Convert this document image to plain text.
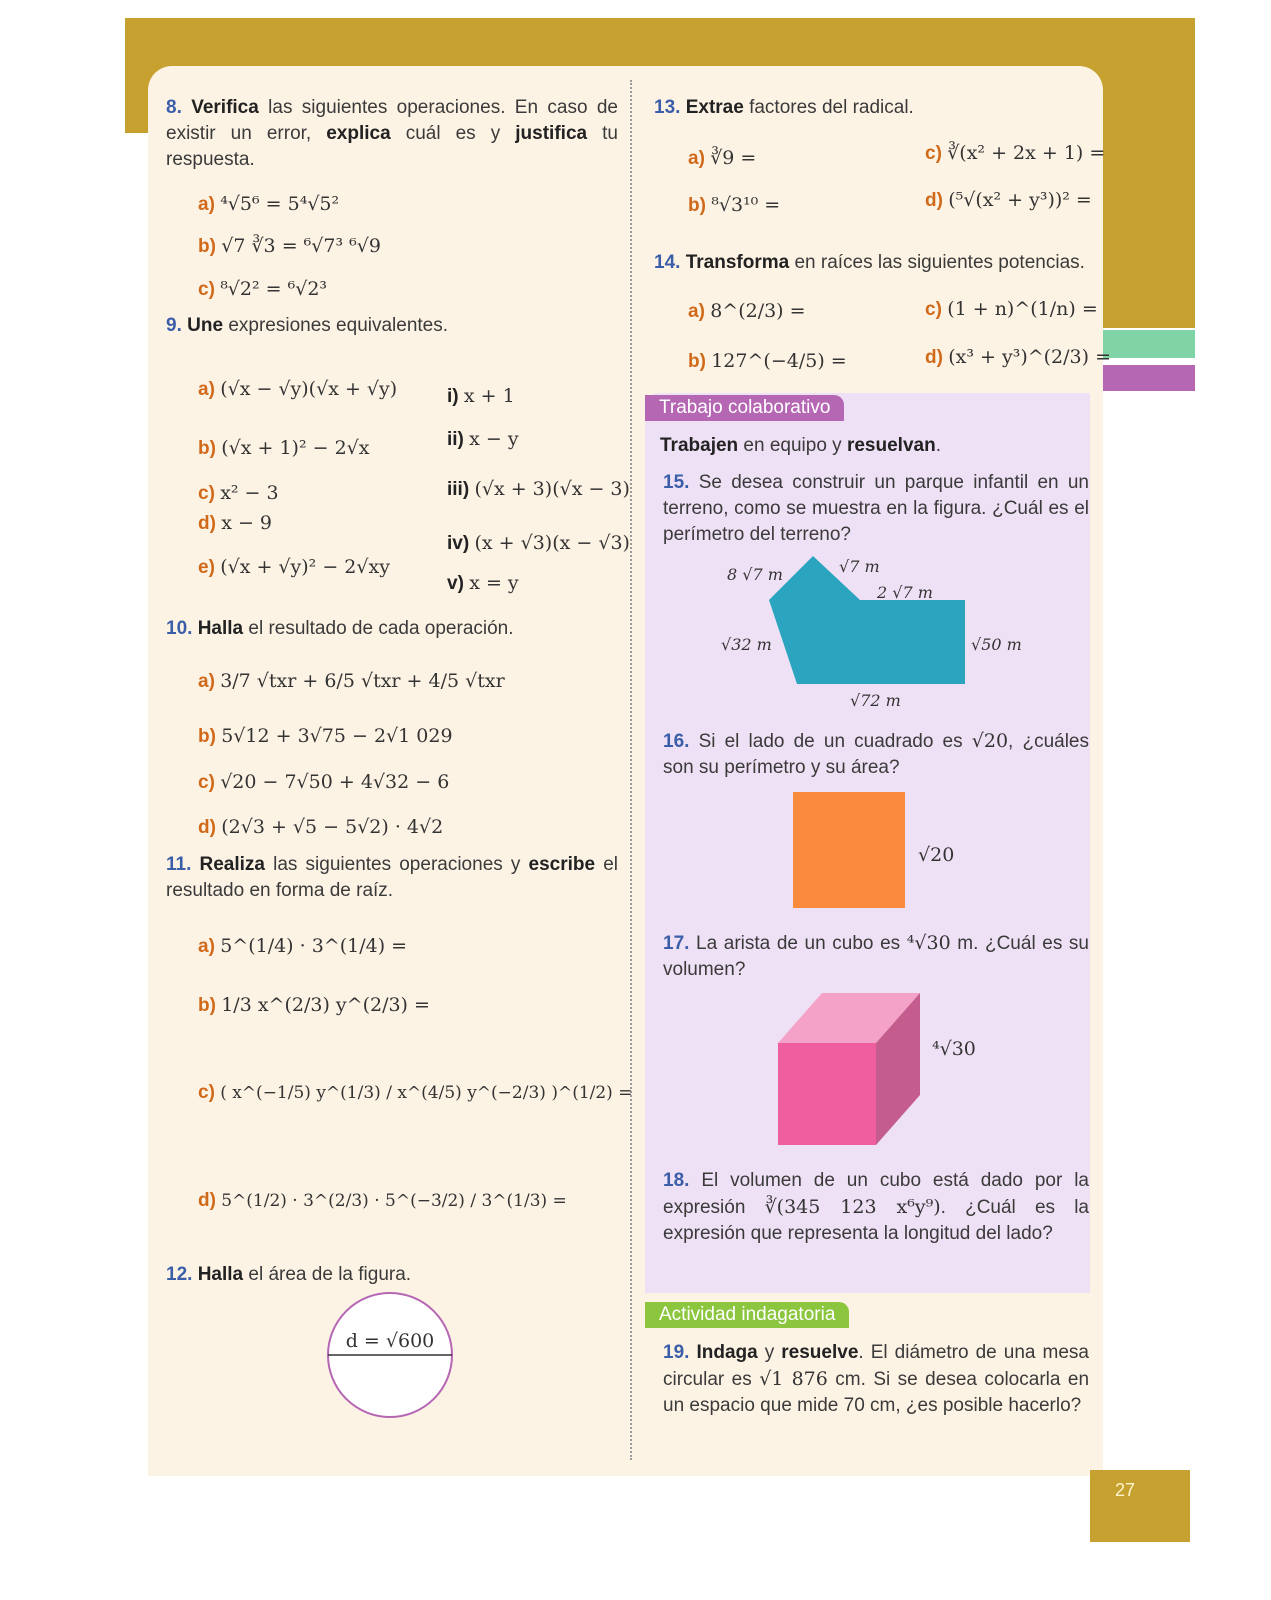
27
8. Verifica las siguientes operaciones. En caso de existir un error, explica cuál es y justifica tu respuesta.
a) ⁴√5⁶ = 5⁴√5²
b) √7 ∛3 = ⁶√7³ ⁶√9
c) ⁸√2² = ⁶√2³
9. Une expresiones equivalentes.
a) (√x − √y)(√x + √y)
b) (√x + 1)² − 2√x
c) x² − 3
d) x − 9
e) (√x + √y)² − 2√xy
i) x + 1
ii) x − y
iii) (√x + 3)(√x − 3)
iv) (x + √3)(x − √3)
v) x = y
10. Halla el resultado de cada operación.
a) 3/7 √txr + 6/5 √txr + 4/5 √txr
b) 5√12 + 3√75 − 2√1 029
c) √20 − 7√50 + 4√32 − 6
d) (2√3 + √5 − 5√2) · 4√2
11. Realiza las siguientes operaciones y escribe el resultado en forma de raíz.
a) 5^(1/4) · 3^(1/4) =
b) 1/3 x^(2/3) y^(2/3) =
c) ( x^(−1/5) y^(1/3) / x^(4/5) y^(−2/3) )^(1/2) =
d) 5^(1/2) · 3^(2/3) · 5^(−3/2) / 3^(1/3) =
12. Halla el área de la figura.
d = √600
13. Extrae factores del radical.
a) ∛9 =
b) ⁸√3¹⁰ =
c) ∛(x² + 2x + 1) =
d) (⁵√(x² + y³))² =
14. Transforma en raíces las siguientes potencias.
a) 8^(2/3) =
b) 127^(−4/5) =
c) (1 + n)^(1/n) =
d) (x³ + y³)^(2/3) =
Trabajo colaborativo
Trabajen en equipo y resuelvan.
15. Se desea construir un parque infantil en un terreno, como se muestra en la figura. ¿Cuál es el perímetro del terreno?
8 √7 m	√7 m
2 √7 m
√32 m	√50 m
√72 m
16. Si el lado de un cuadrado es √20, ¿cuáles son su perímetro y su área?
√20
17. La arista de un cubo es ⁴√30 m. ¿Cuál es su volumen?
⁴√30
18. El volumen de un cubo está dado por la expresión ∛(345 123 x⁶y⁹). ¿Cuál es la expresión que representa la longitud del lado?
Actividad indagatoria
19. Indaga y resuelve. El diámetro de una mesa circular es √1 876 cm. Si se desea colocarla en un espacio que mide 70 cm, ¿es posible hacerlo?
